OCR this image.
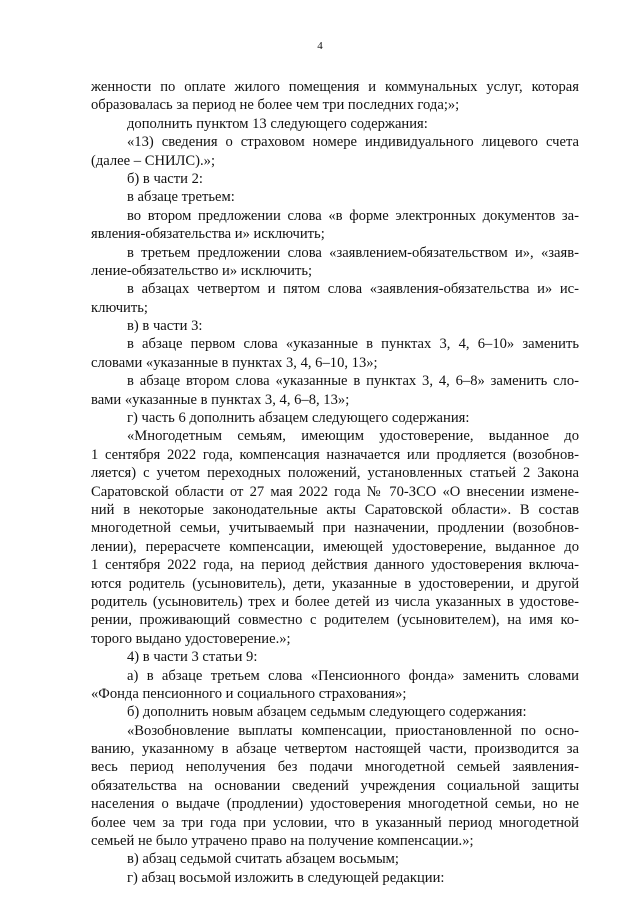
4
женности по оплате жилого помещения и коммунальных услуг, которая
образовалась за период не более чем три последних года;»;
дополнить пунктом 13 следующего содержания:
«13) сведения о страховом номере индивидуального лицевого счета
(далее – СНИЛС).»;
б) в части 2:
в абзаце третьем:
во втором предложении слова «в форме электронных документов за-
явления-обязательства и» исключить;
в третьем предложении слова «заявлением-обязательством и», «заяв-
ление-обязательство и» исключить;
в абзацах четвертом и пятом слова «заявления-обязательства и» ис-
ключить;
в) в части 3:
в абзаце первом слова «указанные в пунктах 3, 4, 6–10» заменить
словами «указанные в пунктах 3, 4, 6–10, 13»;
в абзаце втором слова «указанные в пунктах 3, 4, 6–8» заменить сло-
вами «указанные в пунктах 3, 4, 6–8, 13»;
г) часть 6 дополнить абзацем следующего содержания:
«Многодетным семьям, имеющим удостоверение, выданное до
1 сентября 2022 года, компенсация назначается или продляется (возобнов-
ляется) с учетом переходных положений, установленных статьей 2 Закона
Саратовской области от 27 мая 2022 года № 70-ЗСО «О внесении измене-
ний в некоторые законодательные акты Саратовской области». В состав
многодетной семьи, учитываемый при назначении, продлении (возобнов-
лении), перерасчете компенсации, имеющей удостоверение, выданное до
1 сентября 2022 года, на период действия данного удостоверения включа-
ются родитель (усыновитель), дети, указанные в удостоверении, и другой
родитель (усыновитель) трех и более детей из числа указанных в удостове-
рении, проживающий совместно с родителем (усыновителем), на имя ко-
торого выдано удостоверение.»;
4) в части 3 статьи 9:
а) в абзаце третьем слова «Пенсионного фонда» заменить словами
«Фонда пенсионного и социального страхования»;
б) дополнить новым абзацем седьмым следующего содержания:
«Возобновление выплаты компенсации, приостановленной по осно-
ванию, указанному в абзаце четвертом настоящей части, производится за
весь период неполучения без подачи многодетной семьей заявления-
обязательства на основании сведений учреждения социальной защиты
населения о выдаче (продлении) удостоверения многодетной семьи, но не
более чем за три года при условии, что в указанный период многодетной
семьей не было утрачено право на получение компенсации.»;
в) абзац седьмой считать абзацем восьмым;
г) абзац восьмой изложить в следующей редакции:
